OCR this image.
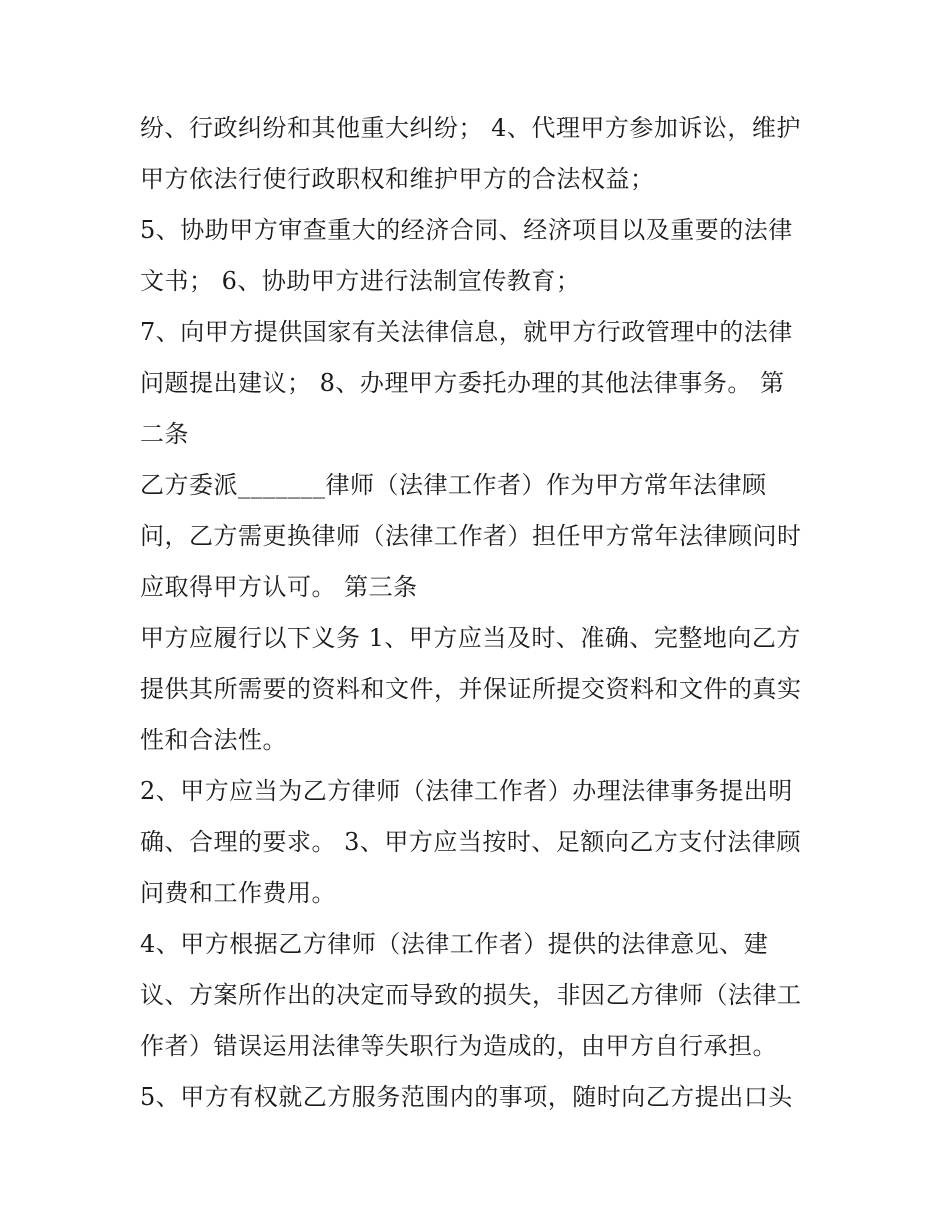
纷、行政纠纷和其他重大纠纷； 4、代理甲方参加诉讼，维护
甲方依法行使行政职权和维护甲方的合法权益；
5、协助甲方审查重大的经济合同、经济项目以及重要的法律
文书； 6、协助甲方进行法制宣传教育；
7、向甲方提供国家有关法律信息，就甲方行政管理中的法律
问题提出建议； 8、办理甲方委托办理的其他法律事务。 第
二条
乙方委派_______律师（法律工作者）作为甲方常年法律顾
问，乙方需更换律师（法律工作者）担任甲方常年法律顾问时
应取得甲方认可。 第三条
甲方应履行以下义务 1、甲方应当及时、准确、完整地向乙方
提供其所需要的资料和文件，并保证所提交资料和文件的真实
性和合法性。
2、甲方应当为乙方律师（法律工作者）办理法律事务提出明
确、合理的要求。 3、甲方应当按时、足额向乙方支付法律顾
问费和工作费用。
4、甲方根据乙方律师（法律工作者）提供的法律意见、建
议、方案所作出的决定而导致的损失，非因乙方律师（法律工
作者）错误运用法律等失职行为造成的，由甲方自行承担。
5、甲方有权就乙方服务范围内的事项，随时向乙方提出口头
